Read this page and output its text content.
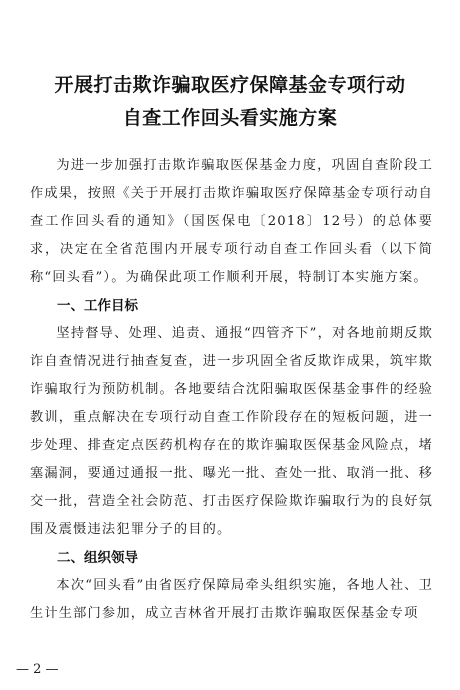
开展打击欺诈骗取医疗保障基金专项行动
自查工作回头看实施方案

为进一步加强打击欺诈骗取医保基金力度，巩固自查阶段工作成果，按照《关于开展打击欺诈骗取医疗保障基金专项行动自查工作回头看的通知》（国医保电〔2018〕12号）的总体要求，决定在全省范围内开展专项行动自查工作回头看（以下简称“回头看”）。为确保此项工作顺利开展，特制订本实施方案。

一、工作目标

坚持督导、处理、追责、通报“四管齐下”，对各地前期反欺诈自查情况进行抽查复查，进一步巩固全省反欺诈成果，筑牢欺诈骗取行为预防机制。各地要结合沈阳骗取医保基金事件的经验教训，重点解决在专项行动自查工作阶段存在的短板问题，进一步处理、排查定点医药机构存在的欺诈骗取医保基金风险点，堵塞漏洞，要通过通报一批、曝光一批、查处一批、取消一批、移交一批，营造全社会防范、打击医疗保险欺诈骗取行为的良好氛围及震慑违法犯罪分子的目的。

二、组织领导

本次“回头看”由省医疗保障局牵头组织实施，各地人社、卫生计生部门参加，成立吉林省开展打击欺诈骗取医保基金专项

— 2 —
